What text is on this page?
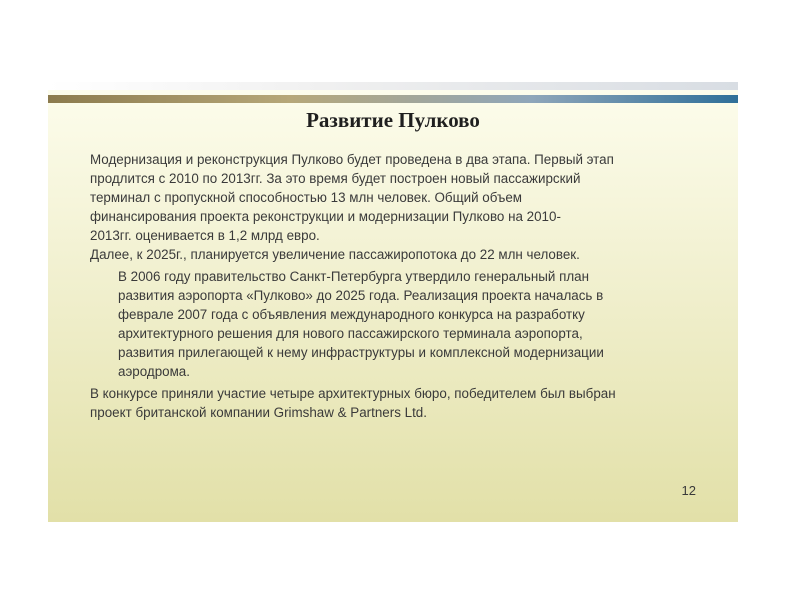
Развитие Пулково

Модернизация и реконструкция Пулково будет проведена в два этапа. Первый этап
продлится с 2010 по 2013гг. За это время будет построен новый пассажирский
терминал с пропускной способностью 13 млн человек. Общий объем
финансирования проекта реконструкции и модернизации Пулково на 2010-
2013гг. оценивается в 1,2 млрд евро.
Далее, к 2025г., планируется увеличение пассажиропотока до 22 млн человек.

В 2006 году правительство Санкт-Петербурга утвердило генеральный план
развития аэропорта «Пулково» до 2025 года. Реализация проекта началась в
феврале 2007 года с объявления международного конкурса на разработку
архитектурного решения для нового пассажирского терминала аэропорта,
развития прилегающей к нему инфраструктуры и комплексной модернизации
аэродрома.

В конкурсе приняли участие четыре архитектурных бюро, победителем был выбран
проект британской компании Grimshaw & Partners Ltd.

12
